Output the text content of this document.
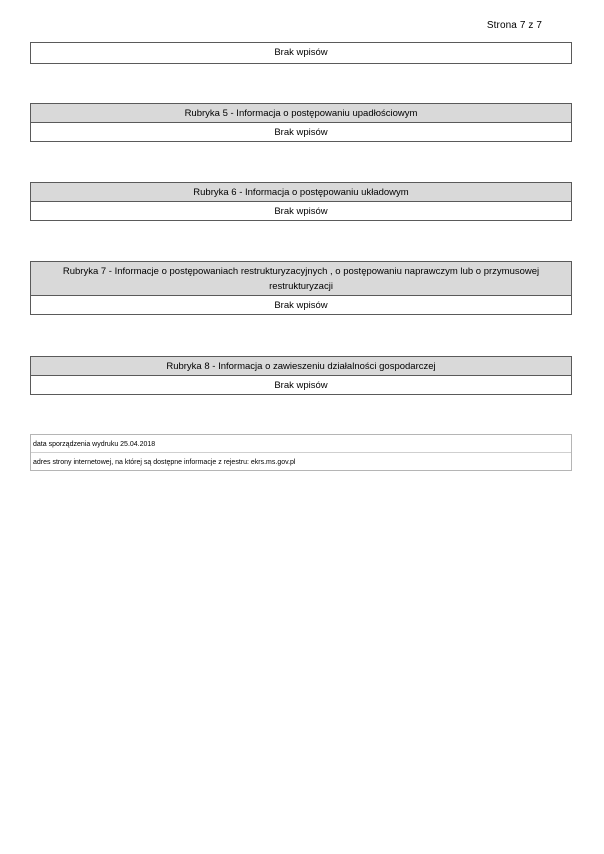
Strona 7 z 7
Brak wpisów
Rubryka 5 - Informacja o postępowaniu upadłościowym
Brak wpisów
Rubryka 6 - Informacja o postępowaniu układowym
Brak wpisów
Rubryka 7 - Informacje o postępowaniach restrukturyzacyjnych , o postępowaniu naprawczym lub o przymusowej restrukturyzacji
Brak wpisów
Rubryka 8 - Informacja o zawieszeniu działalności gospodarczej
Brak wpisów
data sporządzenia wydruku 25.04.2018
adres strony internetowej, na której są dostępne informacje z rejestru: ekrs.ms.gov.pl
